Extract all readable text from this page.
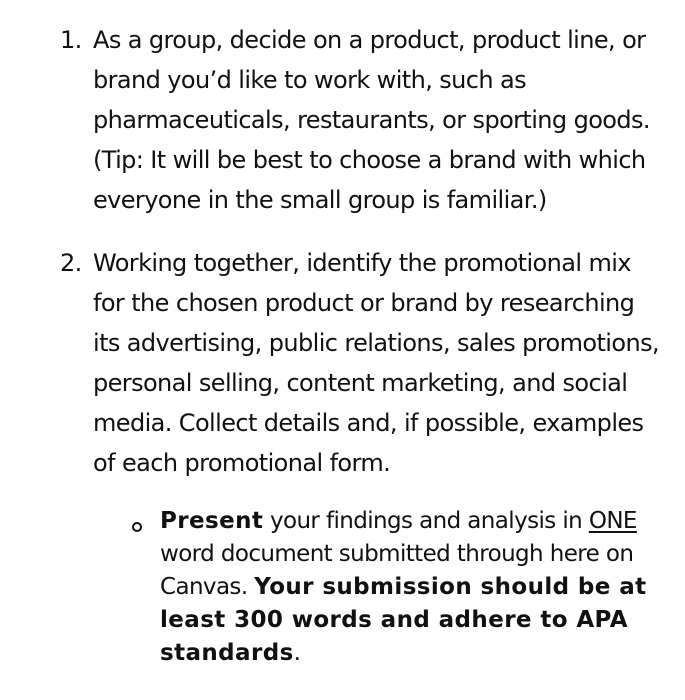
1. As a group, decide on a product, product line, or
brand you’d like to work with, such as
pharmaceuticals, restaurants, or sporting goods.
(Tip: It will be best to choose a brand with which
everyone in the small group is familiar.)
2. Working together, identify the promotional mix
for the chosen product or brand by researching
its advertising, public relations, sales promotions,
personal selling, content marketing, and social
media. Collect details and, if possible, examples
of each promotional form.
Present your findings and analysis in ONE
word document submitted through here on
Canvas. Your submission should be at
least 300 words and adhere to APA
standards.
